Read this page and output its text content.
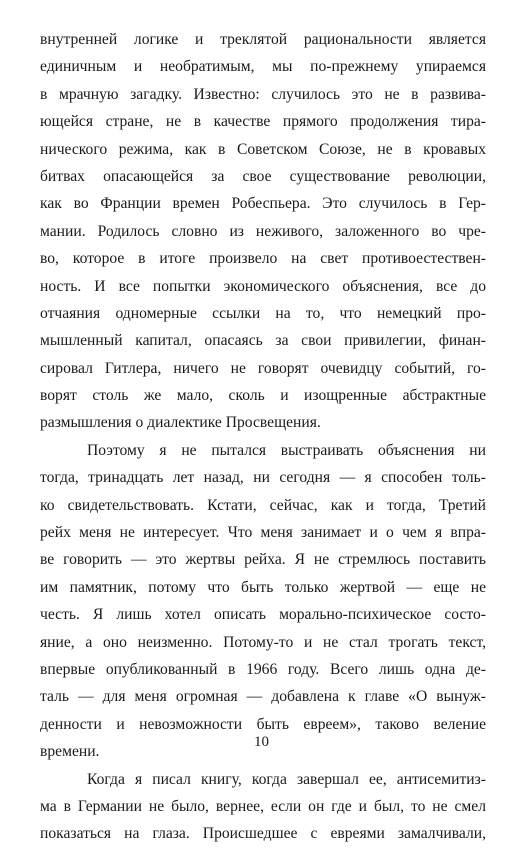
внутренней логике и треклятой рациональности является
единичным и необратимым, мы по-прежнему упираемся
в мрачную загадку. Известно: случилось это не в развива-
ющейся стране, не в качестве прямого продолжения тира-
нического режима, как в Советском Союзе, не в кровавых
битвах опасающейся за свое существование революции,
как во Франции времен Робеспьера. Это случилось в Гер-
мании. Родилось словно из неживого, заложенного во чре-
во, которое в итоге произвело на свет противоестествен-
ность. И все попытки экономического объяснения, все до
отчаяния одномерные ссылки на то, что немецкий про-
мышленный капитал, опасаясь за свои привилегии, финан-
сировал Гитлера, ничего не говорят очевидцу событий, го-
ворят столь же мало, сколь и изощренные абстрактные
размышления о диалектике Просвещения.
Поэтому я не пытался выстраивать объяснения ни
тогда, тринадцать лет назад, ни сегодня — я способен толь-
ко свидетельствовать. Кстати, сейчас, как и тогда, Третий
рейх меня не интересует. Что меня занимает и о чем я впра-
ве говорить — это жертвы рейха. Я не стремлюсь поставить
им памятник, потому что быть только жертвой — еще не
честь. Я лишь хотел описать морально-психическое состо-
яние, а оно неизменно. Потому-то и не стал трогать текст,
впервые опубликованный в 1966 году. Всего лишь одна де-
таль — для меня огромная — добавлена к главе «О вынуж-
денности и невозможности быть евреем», таково веление
времени.
Когда я писал книгу, когда завершал ее, антисемитиз-
ма в Германии не было, вернее, если он где и был, то не смел
показаться на глаза. Происшедшее с евреями замалчивали,
10
